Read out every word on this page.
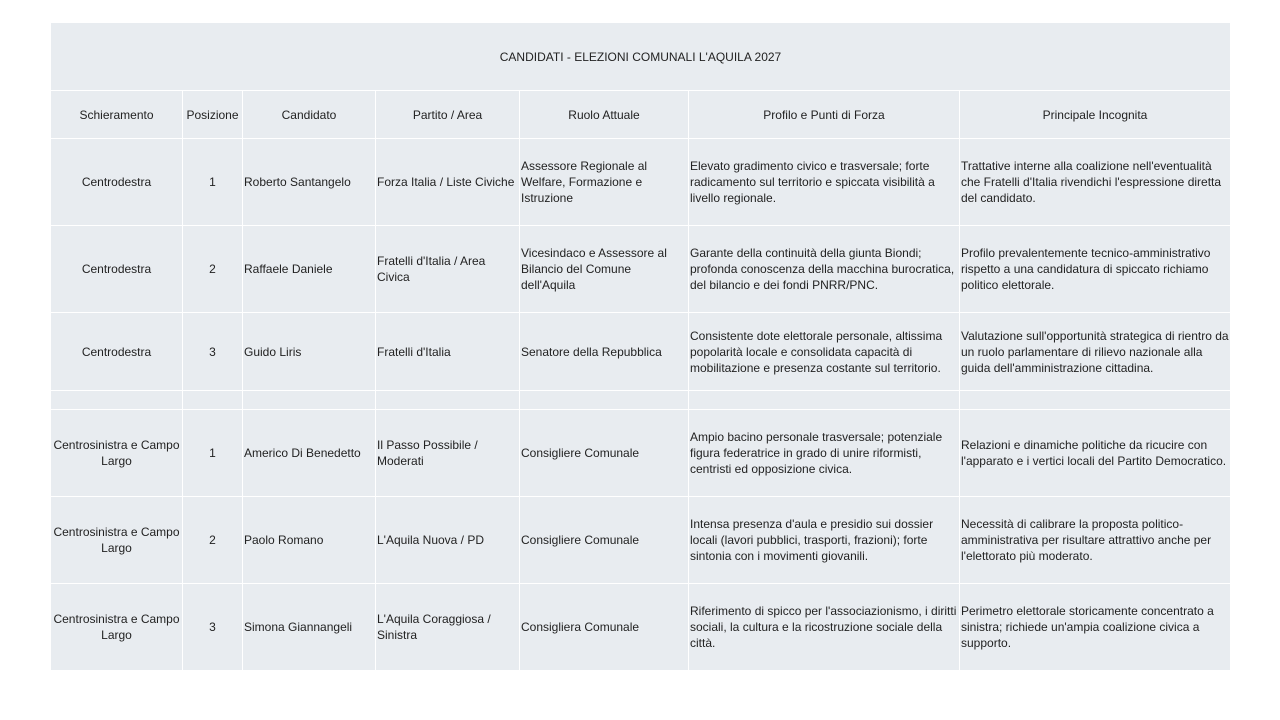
CANDIDATI - ELEZIONI COMUNALI L'AQUILA 2027						
Schieramento	Posizione	Candidato	Partito / Area	Ruolo Attuale	Profilo e Punti di Forza	Principale Incognita
Centrodestra	1	Roberto Santangelo	Forza Italia / Liste Civiche	Assessore Regionale al Welfare, Formazione e Istruzione	Elevato gradimento civico e trasversale; forte radicamento sul territorio e spiccata visibilità a livello regionale.	Trattative interne alla coalizione nell'eventualità che Fratelli d'Italia rivendichi l'espressione diretta del candidato.
Centrodestra	2	Raffaele Daniele	Fratelli d'Italia / Area Civica	Vicesindaco e Assessore al Bilancio del Comune dell'Aquila	Garante della continuità della giunta Biondi; profonda conoscenza della macchina burocratica, del bilancio e dei fondi PNRR/PNC.	Profilo prevalentemente tecnico-amministrativo rispetto a una candidatura di spiccato richiamo politico elettorale.
Centrodestra	3	Guido Liris	Fratelli d'Italia	Senatore della Repubblica	Consistente dote elettorale personale, altissima popolarità locale e consolidata capacità di mobilitazione e presenza costante sul territorio.	Valutazione sull'opportunità strategica di rientro da un ruolo parlamentare di rilievo nazionale alla guida dell'amministrazione cittadina.

Centrosinistra e Campo Largo	1	Americo Di Benedetto	Il Passo Possibile / Moderati	Consigliere Comunale	Ampio bacino personale trasversale; potenziale figura federatrice in grado di unire riformisti, centristi ed opposizione civica.	Relazioni e dinamiche politiche da ricucire con l'apparato e i vertici locali del Partito Democratico.
Centrosinistra e Campo Largo	2	Paolo Romano	L'Aquila Nuova / PD	Consigliere Comunale	Intensa presenza d'aula e presidio sui dossier locali (lavori pubblici, trasporti, frazioni); forte sintonia con i movimenti giovanili.	Necessità di calibrare la proposta politico-amministrativa per risultare attrattivo anche per l'elettorato più moderato.
Centrosinistra e Campo Largo	3	Simona Giannangeli	L'Aquila Coraggiosa / Sinistra	Consigliera Comunale	Riferimento di spicco per l'associazionismo, i diritti sociali, la cultura e la ricostruzione sociale della città.	Perimetro elettorale storicamente concentrato a sinistra; richiede un'ampia coalizione civica a supporto.
